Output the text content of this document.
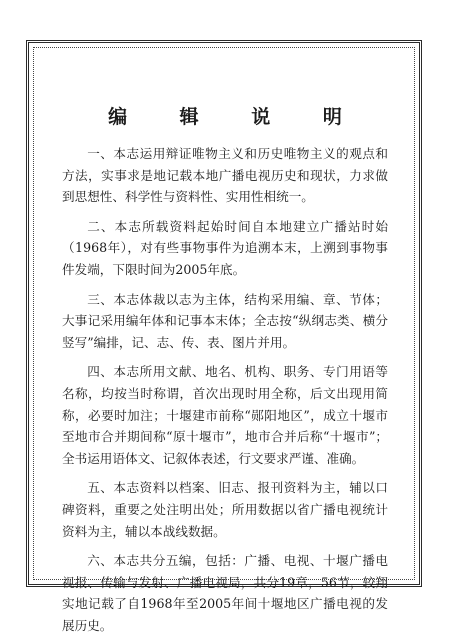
编 辑 说 明

一、本志运用辩证唯物主义和历史唯物主义的观点和方法，实事求是地记载本地广播电视历史和现状，力求做到思想性、科学性与资料性、实用性相统一。

二、本志所载资料起始时间自本地建立广播站时始（1968年），对有些事物事件为追溯本末，上溯到事物事件发端，下限时间为2005年底。

三、本志体裁以志为主体，结构采用编、章、节体；大事记采用编年体和记事本末体；全志按“纵纲志类、横分竖写”编排，记、志、传、表、图片并用。

四、本志所用文献、地名、机构、职务、专门用语等名称，均按当时称谓，首次出现时用全称，后文出现用简称，必要时加注；十堰建市前称“郧阳地区”，成立十堰市至地市合并期间称“原十堰市”，地市合并后称“十堰市”；全书运用语体文、记叙体表述，行文要求严谨、准确。

五、本志资料以档案、旧志、报刊资料为主，辅以口碑资料，重要之处注明出处；所用数据以省广播电视统计资料为主，辅以本战线数据。

六、本志共分五编，包括：广播、电视、十堰广播电视报、传输与发射、广播电视局，共分19章，56节，较翔实地记载了自1968年至2005年间十堰地区广播电视的发展历史。
